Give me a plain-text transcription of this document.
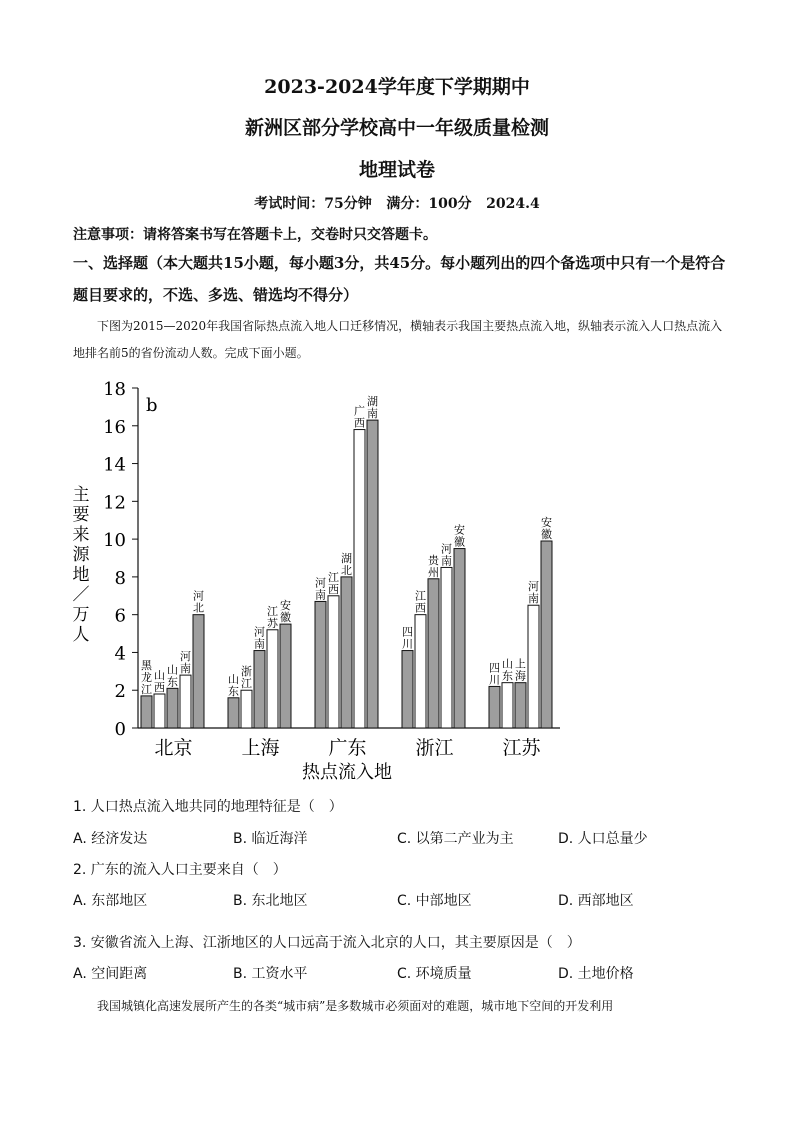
2023-2024学年度下学期期中
新洲区部分学校高中一年级质量检测
地理试卷
考试时间：75分钟   满分：100分   2024.4
注意事项：请将答案书写在答题卡上，交卷时只交答题卡。
一、选择题（本大题共15小题，每小题3分，共45分。每小题列出的四个备选项中只有一个是符合题目要求的，不选、多选、错选均不得分）
下图为2015—2020年我国省际热点流入地人口迁移情况，横轴表示我国主要热点流入地，纵轴表示流入人口热点流入地排名前5的省份流动人数。完成下面小题。
0
2
4
6
8
10
12
14
16
18
b
主
要
来
源
地
／
万
人
黑
龙
江
山
西
山
东
河
南
河
北
北京
山
东
浙
江
河
南
江
苏
安
徽
上海
河
南
江
西
湖
北
广
西
湖
南
广东
四
川
江
西
贵
州
河
南
安
徽
浙江
四
川
山
东
上
海
河
南
安
徽
江苏
热点流入地
1. 人口热点流入地共同的地理特征是（　）
A. 经济发达	B. 临近海洋	C. 以第二产业为主	D. 人口总量少
2. 广东的流入人口主要来自（　）
A. 东部地区	B. 东北地区	C. 中部地区	D. 西部地区
3. 安徽省流入上海、江浙地区的人口远高于流入北京的人口，其主要原因是（　）
A. 空间距离	B. 工资水平	C. 环境质量	D. 土地价格
我国城镇化高速发展所产生的各类“城市病”是多数城市必须面对的难题，城市地下空间的开发利用
